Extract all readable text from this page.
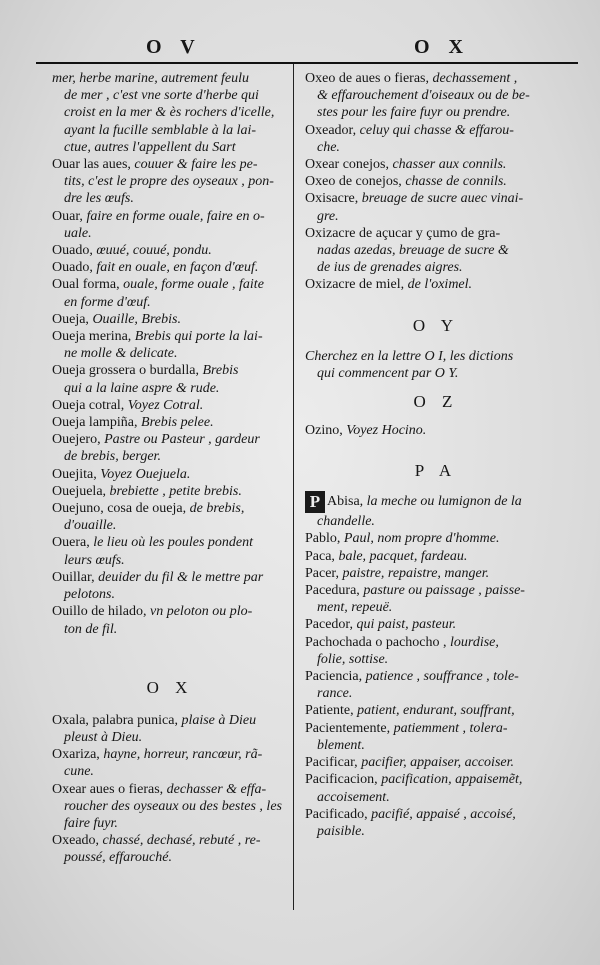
O V	O X

mer, herbe marine, autrement feulu

de mer , c'est vne sorte d'herbe qui

croist en la mer & ès rochers d'icelle,

ayant la fucille semblable à la lai-

ctue, autres l'appellent du Sart

Ouar las aues, couuer & faire les pe-

tits, c'est le propre des oyseaux , pon-

dre les œufs.

Ouar, faire en forme ouale, faire en o-

uale.

Ouado, œuué, couué, pondu.

Ouado, fait en ouale, en façon d'œuf.

Oual forma, ouale, forme ouale , faite

en forme d'œuf.

Oueja, Ouaille, Brebis.

Oueja merina, Brebis qui porte la lai-

ne molle & delicate.

Oueja grossera o burdalla, Brebis

qui a la laine aspre & rude.

Oueja cotral, Voyez Cotral.

Oueja lampiña, Brebis pelee.

Ouejero, Pastre ou Pasteur , gardeur

de brebis, berger.

Ouejita, Voyez Ouejuela.

Ouejuela, brebiette , petite brebis.

Ouejuno, cosa de oueja, de brebis,

d'ouaille.

Ouera, le lieu où les poules pondent

leurs œufs.

Ouillar, deuider du fil & le mettre par

pelotons.

Ouillo de hilado, vn peloton ou plo-

ton de fil.

O X

Oxala, palabra punica, plaise à Dieu

pleust à Dieu.

Oxariza, hayne, horreur, rancœur, rã-

cune.

Oxear aues o fieras, dechasser & effa-

roucher des oyseaux ou des bestes , les

faire fuyr.

Oxeado, chassé, dechasé, rebuté , re-

poussé, effarouché.

Oxeo de aues o fieras, dechassement ,

& effarouchement d'oiseaux ou de be-

stes pour les faire fuyr ou prendre.

Oxeador, celuy qui chasse & effarou-

che.

Oxear conejos, chasser aux connils.

Oxeo de conejos, chasse de connils.

Oxisacre, breuage de sucre auec vinai-

gre.

Oxizacre de açucar y çumo de gra-

nadas azedas, breuage de sucre &

de ius de grenades aigres.

Oxizacre de miel, de l'oximel.

O Y

Cherchez en la lettre O I, les dictions

qui commencent par O Y.

O Z

Ozino, Voyez Hocino.

P A

P Abisa, la meche ou lumignon de la

chandelle.

Pablo, Paul, nom propre d'homme.

Paca, bale, pacquet, fardeau.

Pacer, paistre, repaistre, manger.

Pacedura, pasture ou paissage , paisse-

ment, repeuë.

Pacedor, qui paist, pasteur.

Pachochada o pachocho , lourdise,

folie, sottise.

Paciencia, patience , souffrance , tole-

rance.

Patiente, patient, endurant, souffrant,

Pacientemente, patiemment , tolera-

blement.

Pacificar, pacifier, appaiser, accoiser.

Pacificacion, pacification, appaisemẽt,

accoisement.

Pacificado, pacifié, appaisé , accoisé,

paisible.
